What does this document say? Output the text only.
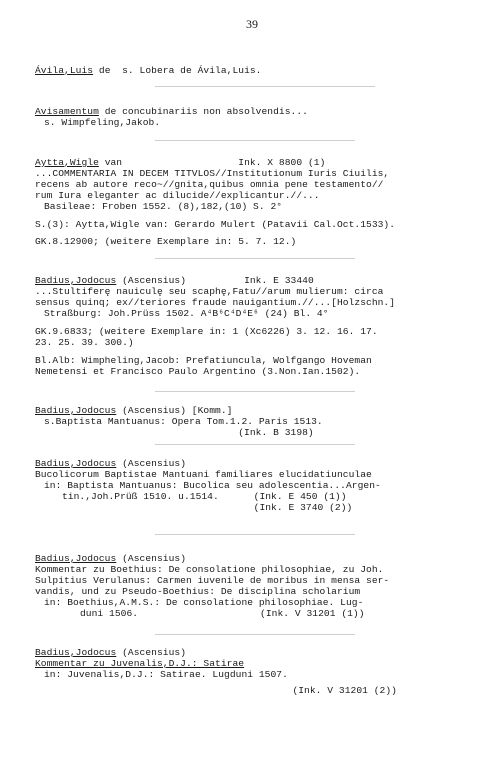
39
Ávila,Luis de  s. Lobera de Ávila,Luis.
Avisamentum de concubinariis non absolvendis...
s. Wimpfeling,Jakob.
Aytta,Wigle van                    Ink. X 8800 (1)
...COMMENTARIA IN DECEM TITVLOS//Institutionum Iuris Ciuilis,
recens ab autore reco~//gnita,quibus omnia pene testamento//
rum Iura eleganter ac dilucide//explicantur.//...
Basileae: Froben 1552. (8),182,(10) S. 2°
S.(3): Aytta,Wigle van: Gerardo Mulert (Patavii Cal.Oct.1533).
GK.8.12900; (weitere Exemplare in: 5. 7. 12.)
Badius,Jodocus (Ascensius)          Ink. E 33440
...Stultiferę nauiculę seu scaphę,Fatu//arum mulierum: circa
sensus quinq; ex//teriores fraude nauigantium.//...[Holzschn.]
Straßburg: Joh.Prüss 1502. A⁴B⁶C⁴D⁴E⁶ (24) Bl. 4°
GK.9.6833; (weitere Exemplare in: 1 (Xc6226) 3. 12. 16. 17.
23. 25. 39. 300.)
Bl.Alb: Wimpheling,Jacob: Prefatiuncula, Wolfgango Hoveman
Nemetensi et Francisco Paulo Argentino (3.Non.Ian.1502).
Badius,Jodocus (Ascensius) [Komm.]
s.Baptista Mantuanus: Opera Tom.1.2. Paris 1513.
(Ink. B 3198)
Badius,Jodocus (Ascensius)
Bucolicorum Baptistae Mantuani familiares elucidatiunculae
in: Baptista Mantuanus: Bucolica seu adolescentia...Argen-
tin.,Joh.Prüß 1510. u.1514.      (Ink. E 450 (1))
(Ink. E 3740 (2))
Badius,Jodocus (Ascensius)
Kommentar zu Boethius: De consolatione philosophiae, zu Joh.
Sulpitius Verulanus: Carmen iuvenile de moribus in mensa ser-
vandis, und zu Pseudo-Boethius: De disciplina scholarium
in: Boethius,A.M.S.: De consolatione philosophiae. Lug-
duni 1506.                     (Ink. V 31201 (1))
Badius,Jodocus (Ascensius)
Kommentar zu Juvenalis,D.J.: Satirae
in: Juvenalis,D.J.: Satirae. Lugduni 1507.
(Ink. V 31201 (2))
